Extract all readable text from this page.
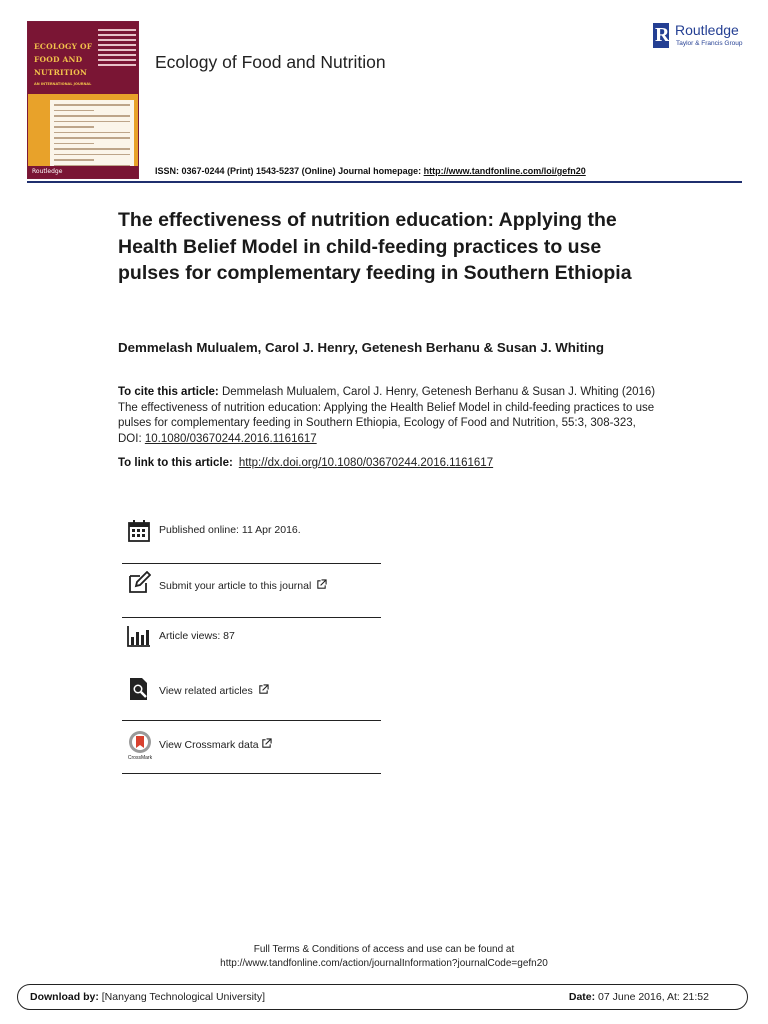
ECOLOGY OF FOOD AND NUTRITION
AN INTERNATIONAL JOURNAL
Routledge
Ecology of Food and Nutrition
R Routledge
Taylor & Francis Group
ISSN: 0367-0244 (Print) 1543-5237 (Online) Journal homepage: http://www.tandfonline.com/loi/gefn20
The effectiveness of nutrition education: Applying the Health Belief Model in child-feeding practices to use pulses for complementary feeding in Southern Ethiopia
Demmelash Mulualem, Carol J. Henry, Getenesh Berhanu & Susan J. Whiting
To cite this article: Demmelash Mulualem, Carol J. Henry, Getenesh Berhanu & Susan J. Whiting (2016) The effectiveness of nutrition education: Applying the Health Belief Model in child-feeding practices to use pulses for complementary feeding in Southern Ethiopia, Ecology of Food and Nutrition, 55:3, 308-323, DOI: 10.1080/03670244.2016.1161617
To link to this article: http://dx.doi.org/10.1080/03670244.2016.1161617
Published online: 11 Apr 2016.
Submit your article to this journal
Article views: 87
View related articles
CrossMark
View Crossmark data
Full Terms & Conditions of access and use can be found at
http://www.tandfonline.com/action/journalInformation?journalCode=gefn20
Download by: [Nanyang Technological University]	Date: 07 June 2016, At: 21:52
